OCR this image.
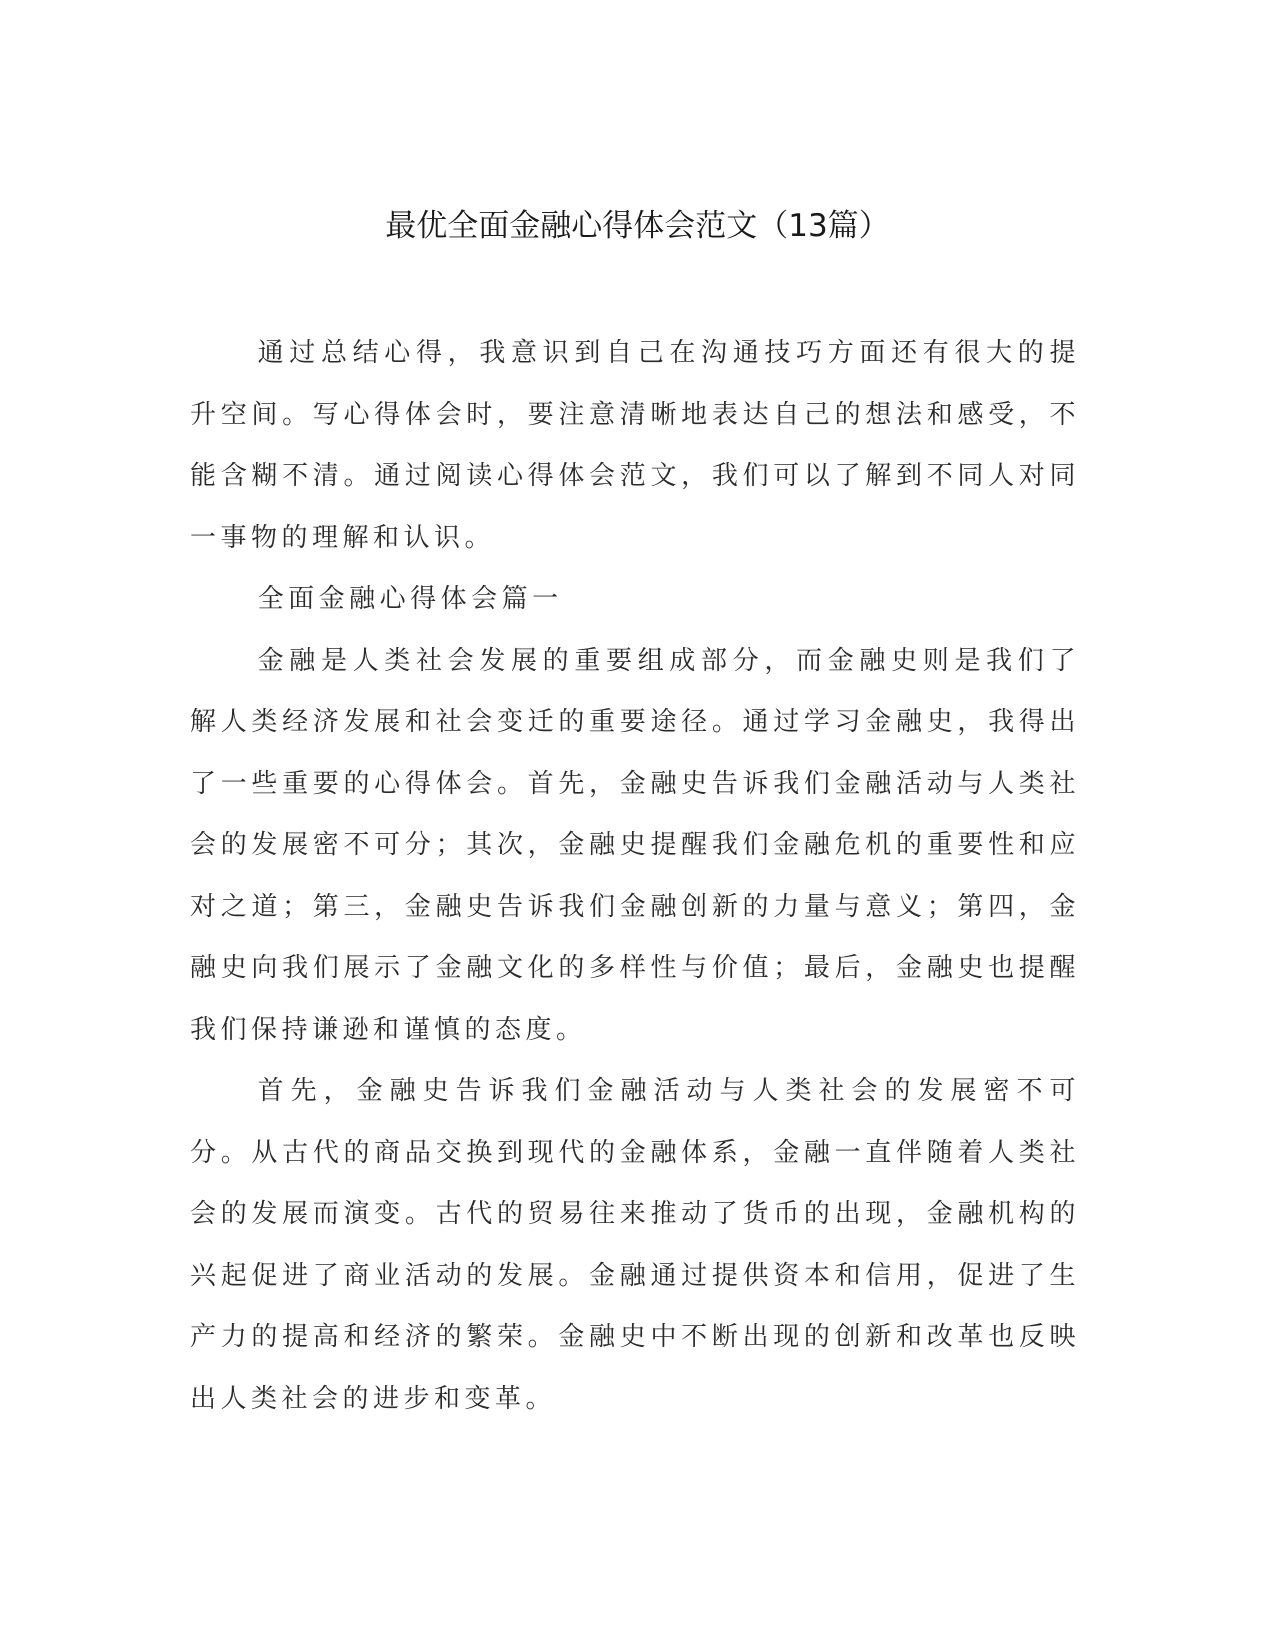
最优全面金融心得体会范文（13篇）

通过总结心得，我意识到自己在沟通技巧方面还有很大的提升空间。写心得体会时，要注意清晰地表达自己的想法和感受，不能含糊不清。通过阅读心得体会范文，我们可以了解到不同人对同一事物的理解和认识。

全面金融心得体会篇一

金融是人类社会发展的重要组成部分，而金融史则是我们了解人类经济发展和社会变迁的重要途径。通过学习金融史，我得出了一些重要的心得体会。首先，金融史告诉我们金融活动与人类社会的发展密不可分；其次，金融史提醒我们金融危机的重要性和应对之道；第三，金融史告诉我们金融创新的力量与意义；第四，金融史向我们展示了金融文化的多样性与价值；最后，金融史也提醒我们保持谦逊和谨慎的态度。

首先，金融史告诉我们金融活动与人类社会的发展密不可分。从古代的商品交换到现代的金融体系，金融一直伴随着人类社会的发展而演变。古代的贸易往来推动了货币的出现，金融机构的兴起促进了商业活动的发展。金融通过提供资本和信用，促进了生产力的提高和经济的繁荣。金融史中不断出现的创新和改革也反映出人类社会的进步和变革。
